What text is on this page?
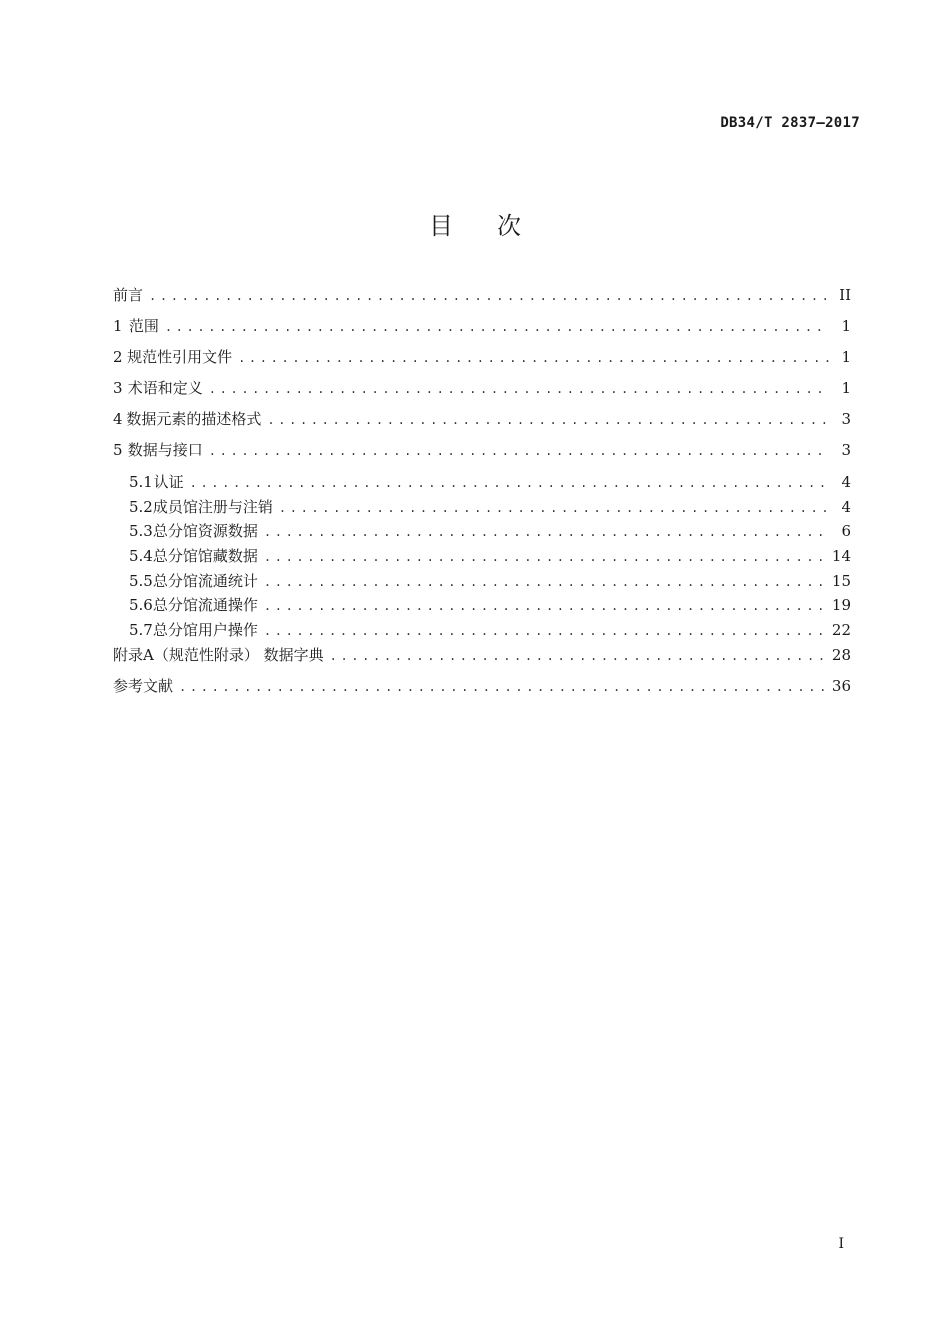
DB34/T 2837—2017
目次
前言 . . .	II
1 范围 . . .	1
2 规范性引用文件 . . .	1
3 术语和定义 . . .	1
4 数据元素的描述格式 . . .	3
5 数据与接口 . . .	3
5.1 认证 . . .	4
5.2 成员馆注册与注销 . . .	4
5.3 总分馆资源数据 . . .	6
5.4 总分馆馆藏数据 . . .	14
5.5 总分馆流通统计 . . .	15
5.6 总分馆流通操作 . . .	19
5.7 总分馆用户操作 . . .	22
附录A（规范性附录） 数据字典 . . .	28
参考文献 . . .	36
I
